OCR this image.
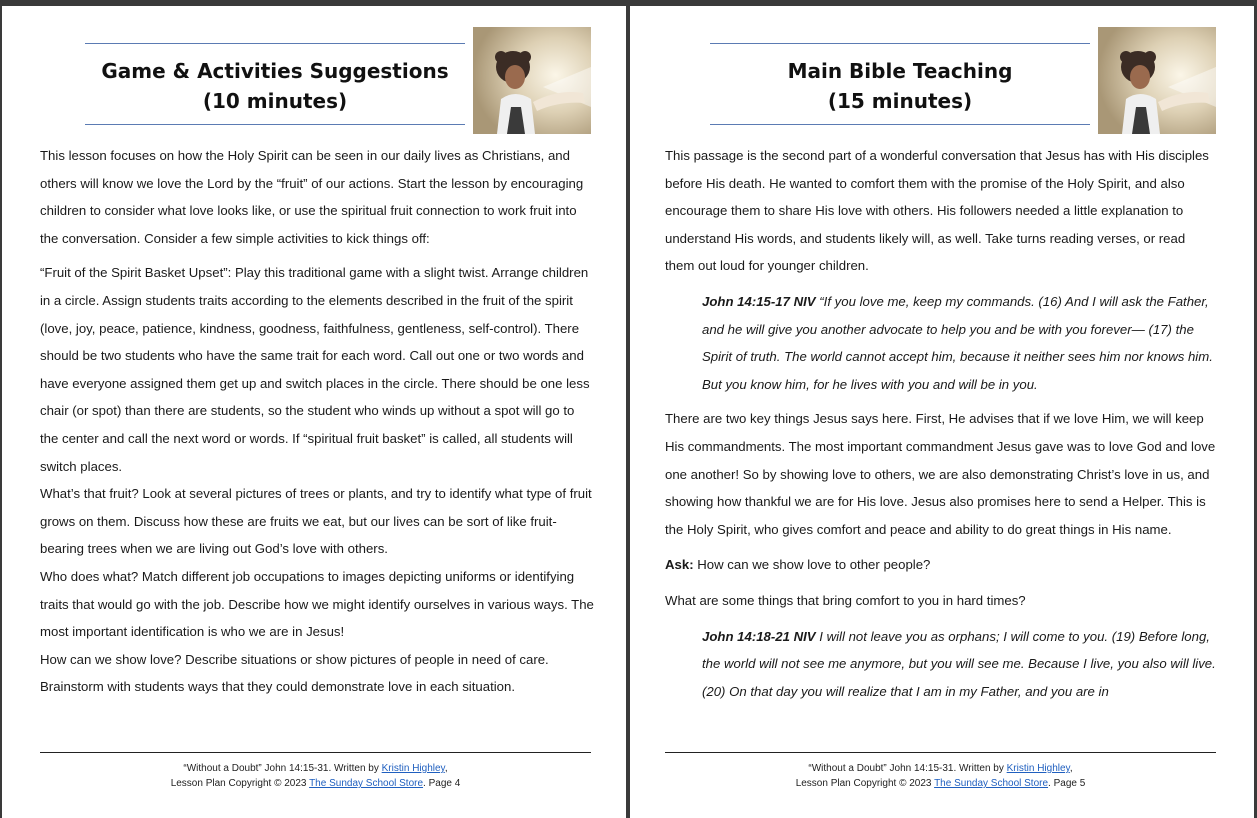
Game & Activities Suggestions
(10 minutes)

This lesson focuses on how the Holy Spirit can be seen in our daily lives as Christians, and others will know we love the Lord by the “fruit” of our actions. Start the lesson by encouraging children to consider what love looks like, or use the spiritual fruit connection to work fruit into the conversation. Consider a few simple activities to kick things off:

“Fruit of the Spirit Basket Upset”: Play this traditional game with a slight twist. Arrange children in a circle. Assign students traits according to the elements described in the fruit of the spirit (love, joy, peace, patience, kindness, goodness, faithfulness, gentleness, self-control). There should be two students who have the same trait for each word. Call out one or two words and have everyone assigned them get up and switch places in the circle. There should be one less chair (or spot) than there are students, so the student who winds up without a spot will go to the center and call the next word or words. If “spiritual fruit basket” is called, all students will switch places.

What’s that fruit? Look at several pictures of trees or plants, and try to identify what type of fruit grows on them. Discuss how these are fruits we eat, but our lives can be sort of like fruit-bearing trees when we are living out God’s love with others.

Who does what? Match different job occupations to images depicting uniforms or identifying traits that would go with the job. Describe how we might identify ourselves in various ways. The most important identification is who we are in Jesus!

How can we show love? Describe situations or show pictures of people in need of care. Brainstorm with students ways that they could demonstrate love in each situation.

“Without a Doubt” John 14:15-31. Written by Kristin Highley,
Lesson Plan Copyright © 2023 The Sunday School Store. Page 4
Main Bible Teaching
(15 minutes)

This passage is the second part of a wonderful conversation that Jesus has with His disciples before His death. He wanted to comfort them with the promise of the Holy Spirit, and also encourage them to share His love with others. His followers needed a little explanation to understand His words, and students likely will, as well. Take turns reading verses, or read them out loud for younger children.

John 14:15-17 NIV “If you love me, keep my commands. (16) And I will ask the Father, and he will give you another advocate to help you and be with you forever— (17) the Spirit of truth. The world cannot accept him, because it neither sees him nor knows him. But you know him, for he lives with you and will be in you.

There are two key things Jesus says here. First, He advises that if we love Him, we will keep His commandments. The most important commandment Jesus gave was to love God and love one another! So by showing love to others, we are also demonstrating Christ’s love in us, and showing how thankful we are for His love. Jesus also promises here to send a Helper. This is the Holy Spirit, who gives comfort and peace and ability to do great things in His name.

Ask: How can we show love to other people?

What are some things that bring comfort to you in hard times?

John 14:18-21 NIV I will not leave you as orphans; I will come to you. (19) Before long, the world will not see me anymore, but you will see me. Because I live, you also will live. (20) On that day you will realize that I am in my Father, and you are in

“Without a Doubt” John 14:15-31. Written by Kristin Highley,
Lesson Plan Copyright © 2023 The Sunday School Store. Page 5
